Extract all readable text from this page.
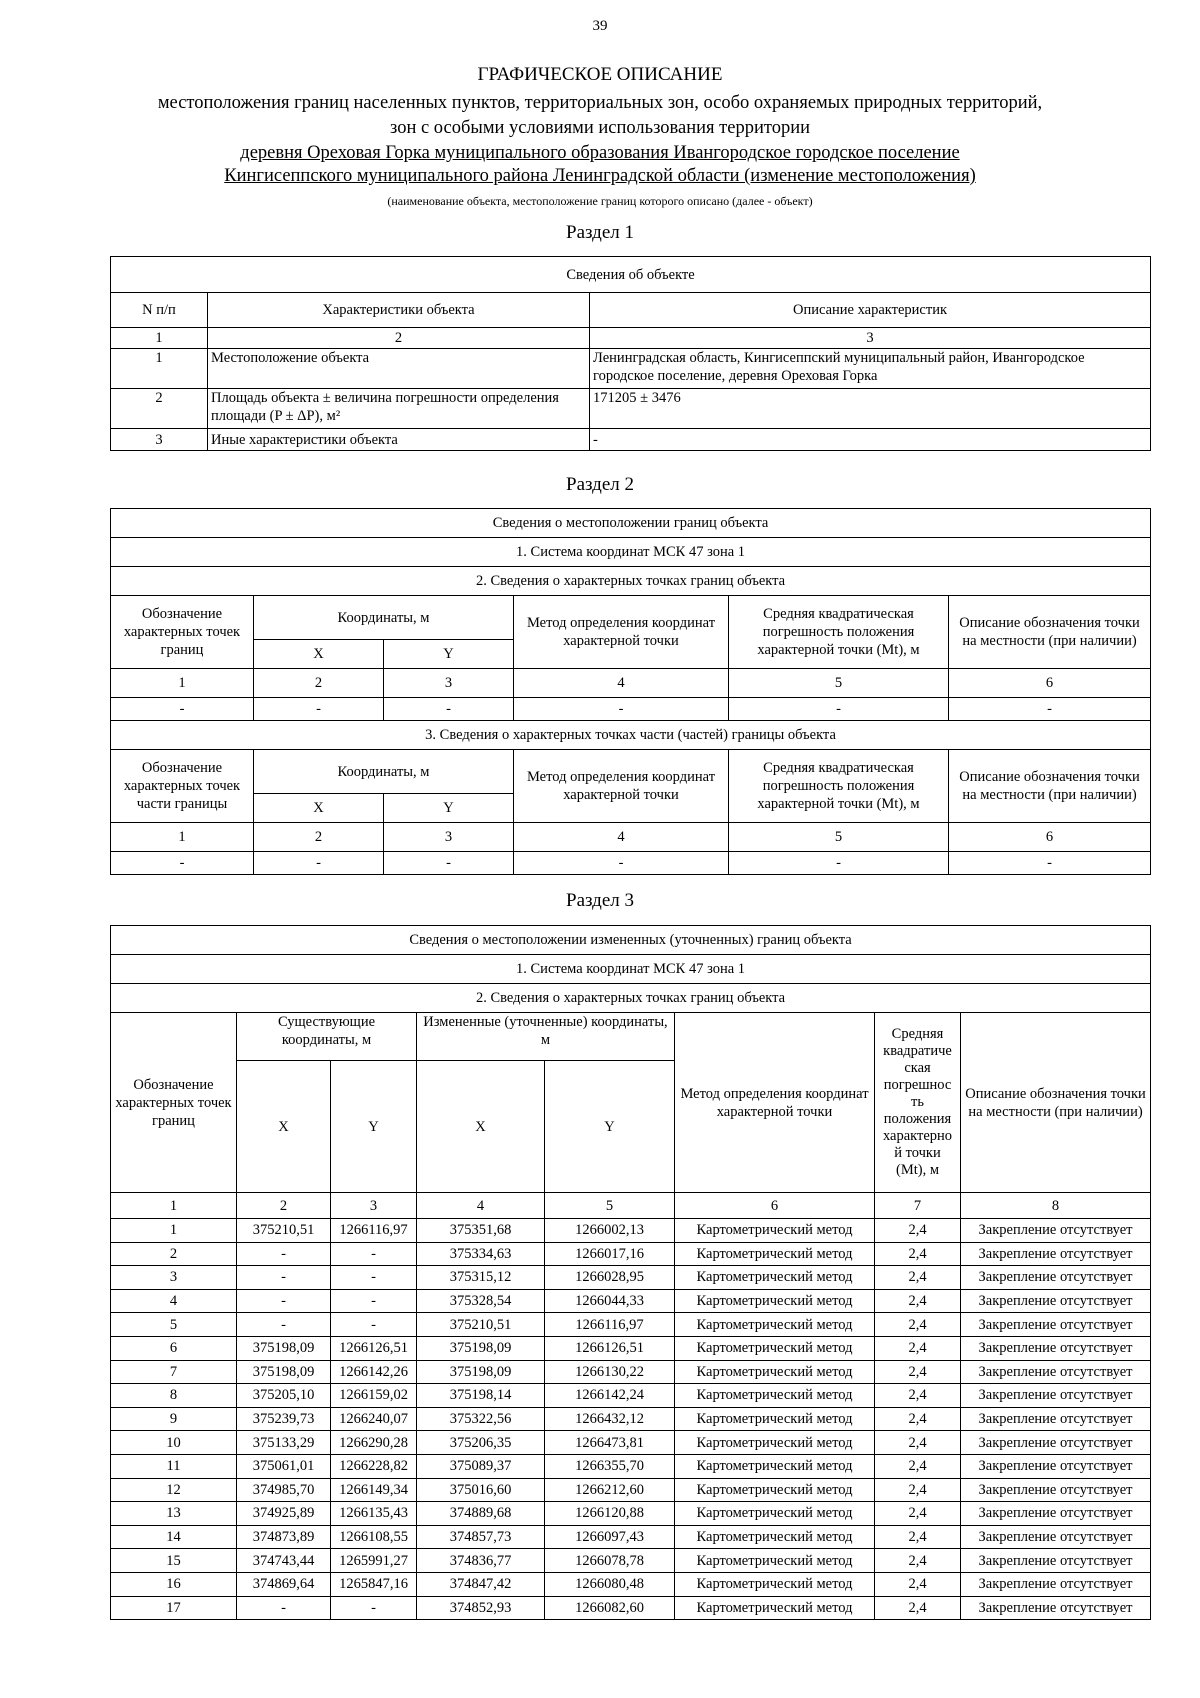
39
ГРАФИЧЕСКОЕ ОПИСАНИЕ
местоположения границ населенных пунктов, территориальных зон, особо охраняемых природных территорий,
зон с особыми условиями использования территории
деревня Ореховая Горка муниципального образования Ивангородское городское поселение
Кингисеппского муниципального района Ленинградской области (изменение местоположения)
(наименование объекта, местоположение границ которого описано (далее - объект)
Раздел 1
Сведения об объекте		
N п/п	Характеристики объекта	Описание характеристик
1	2	3
1	Местоположение объекта	Ленинградская область, Кингисеппский муниципальный район, Ивангородское городское поселение, деревня Ореховая Горка
2	Площадь объекта ± величина погрешности определения площади (P ± ΔP), м²	171205 ± 3476
3	Иные характеристики объекта	-
Раздел 2
Сведения о местоположении границ объекта					
1. Система координат МСК 47 зона 1					
2. Сведения о характерных точках границ объекта					
Обозначение характерных точек границ	Координаты, м		Метод определения координат характерной точки	Средняя квадратическая погрешность положения характерной точки (Mt), м	Описание обозначения точки на местности (при наличии)
	X	Y			
1	2	3	4	5	6
-	-	-	-	-	-
3. Сведения о характерных точках части (частей) границы объекта					
Обозначение характерных точек части границы	Координаты, м		Метод определения координат характерной точки	Средняя квадратическая погрешность положения характерной точки (Mt), м	Описание обозначения точки на местности (при наличии)
	X	Y			
1	2	3	4	5	6
-	-	-	-	-	-
Раздел 3
Сведения о местоположении измененных (уточненных) границ объекта							
1. Система координат МСК 47 зона 1							
2. Сведения о характерных точках границ объекта							
Обозначение характерных точек границ	Существующие координаты, м		Измененные (уточненные) координаты, м		Метод определения координат характерной точки	Средняя квадратиче ская погрешнос ть положения характерно й точки (Mt), м	Описание обозначения точки на местности (при наличии)
	X	Y	X	Y			
1	2	3	4	5	6	7	8
1	375210,51	1266116,97	375351,68	1266002,13	Картометрический метод	2,4	Закрепление отсутствует
2	-	-	375334,63	1266017,16	Картометрический метод	2,4	Закрепление отсутствует
3	-	-	375315,12	1266028,95	Картометрический метод	2,4	Закрепление отсутствует
4	-	-	375328,54	1266044,33	Картометрический метод	2,4	Закрепление отсутствует
5	-	-	375210,51	1266116,97	Картометрический метод	2,4	Закрепление отсутствует
6	375198,09	1266126,51	375198,09	1266126,51	Картометрический метод	2,4	Закрепление отсутствует
7	375198,09	1266142,26	375198,09	1266130,22	Картометрический метод	2,4	Закрепление отсутствует
8	375205,10	1266159,02	375198,14	1266142,24	Картометрический метод	2,4	Закрепление отсутствует
9	375239,73	1266240,07	375322,56	1266432,12	Картометрический метод	2,4	Закрепление отсутствует
10	375133,29	1266290,28	375206,35	1266473,81	Картометрический метод	2,4	Закрепление отсутствует
11	375061,01	1266228,82	375089,37	1266355,70	Картометрический метод	2,4	Закрепление отсутствует
12	374985,70	1266149,34	375016,60	1266212,60	Картометрический метод	2,4	Закрепление отсутствует
13	374925,89	1266135,43	374889,68	1266120,88	Картометрический метод	2,4	Закрепление отсутствует
14	374873,89	1266108,55	374857,73	1266097,43	Картометрический метод	2,4	Закрепление отсутствует
15	374743,44	1265991,27	374836,77	1266078,78	Картометрический метод	2,4	Закрепление отсутствует
16	374869,64	1265847,16	374847,42	1266080,48	Картометрический метод	2,4	Закрепление отсутствует
17	-	-	374852,93	1266082,60	Картометрический метод	2,4	Закрепление отсутствует
